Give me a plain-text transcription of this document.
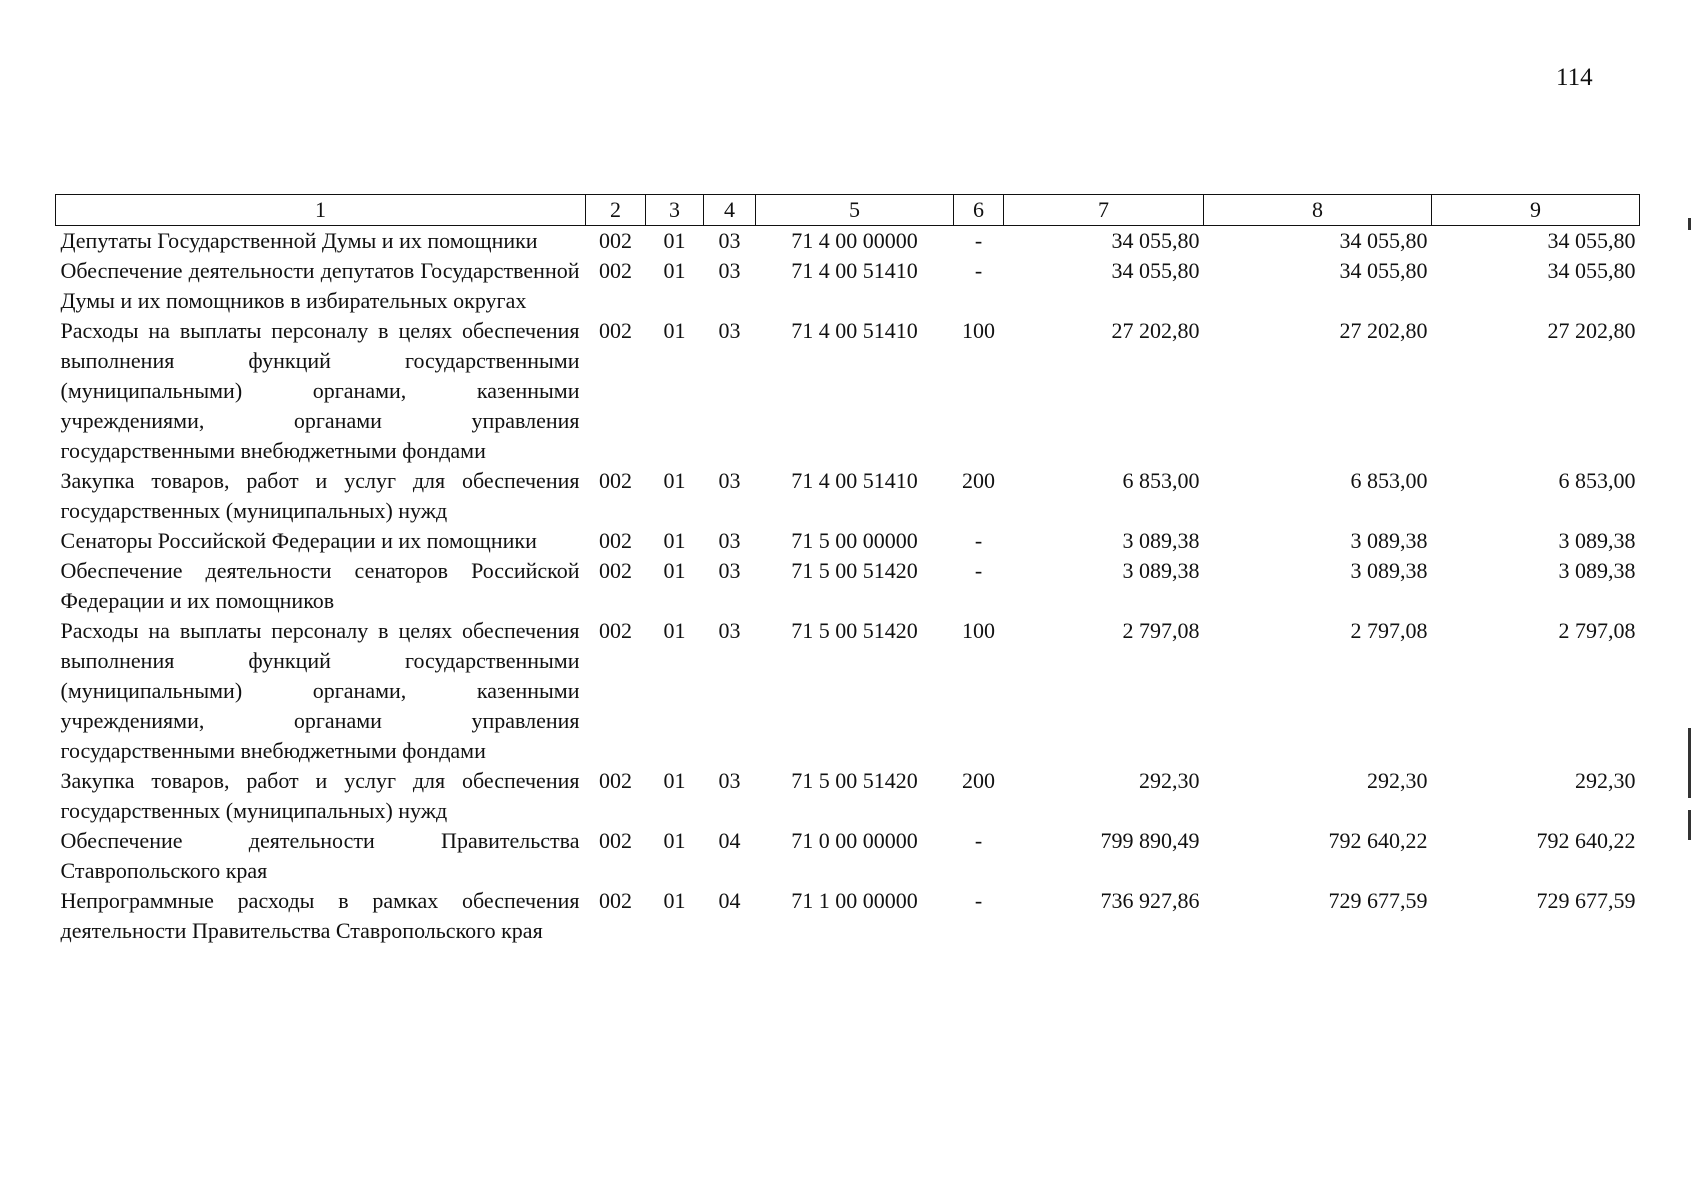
114
1	2	3	4	5	6	7	8	9
Депутаты Государственной Думы и их помощники	002	01	03	71 4 00 00000	-	34 055,80	34 055,80	34 055,80
Обеспечение деятельности депутатов Государственной Думы и их помощников в избирательных округах	002	01	03	71 4 00 51410	-	34 055,80	34 055,80	34 055,80
Расходы на выплаты персоналу в целях обеспечения выполнения функций государственными (муниципальными) органами, казенными учреждениями, органами управления государственными внебюджетными фондами	002	01	03	71 4 00 51410	100	27 202,80	27 202,80	27 202,80
Закупка товаров, работ и услуг для обеспечения государственных (муниципальных) нужд	002	01	03	71 4 00 51410	200	6 853,00	6 853,00	6 853,00
Сенаторы Российской Федерации и их помощники	002	01	03	71 5 00 00000	-	3 089,38	3 089,38	3 089,38
Обеспечение деятельности сенаторов Российской Федерации и их помощников	002	01	03	71 5 00 51420	-	3 089,38	3 089,38	3 089,38
Расходы на выплаты персоналу в целях обеспечения выполнения функций государственными (муниципальными) органами, казенными учреждениями, органами управления государственными внебюджетными фондами	002	01	03	71 5 00 51420	100	2 797,08	2 797,08	2 797,08
Закупка товаров, работ и услуг для обеспечения государственных (муниципальных) нужд	002	01	03	71 5 00 51420	200	292,30	292,30	292,30
Обеспечение деятельности Правительства Ставропольского края	002	01	04	71 0 00 00000	-	799 890,49	792 640,22	792 640,22
Непрограммные расходы в рамках обеспечения деятельности Правительства Ставропольского края	002	01	04	71 1 00 00000	-	736 927,86	729 677,59	729 677,59
